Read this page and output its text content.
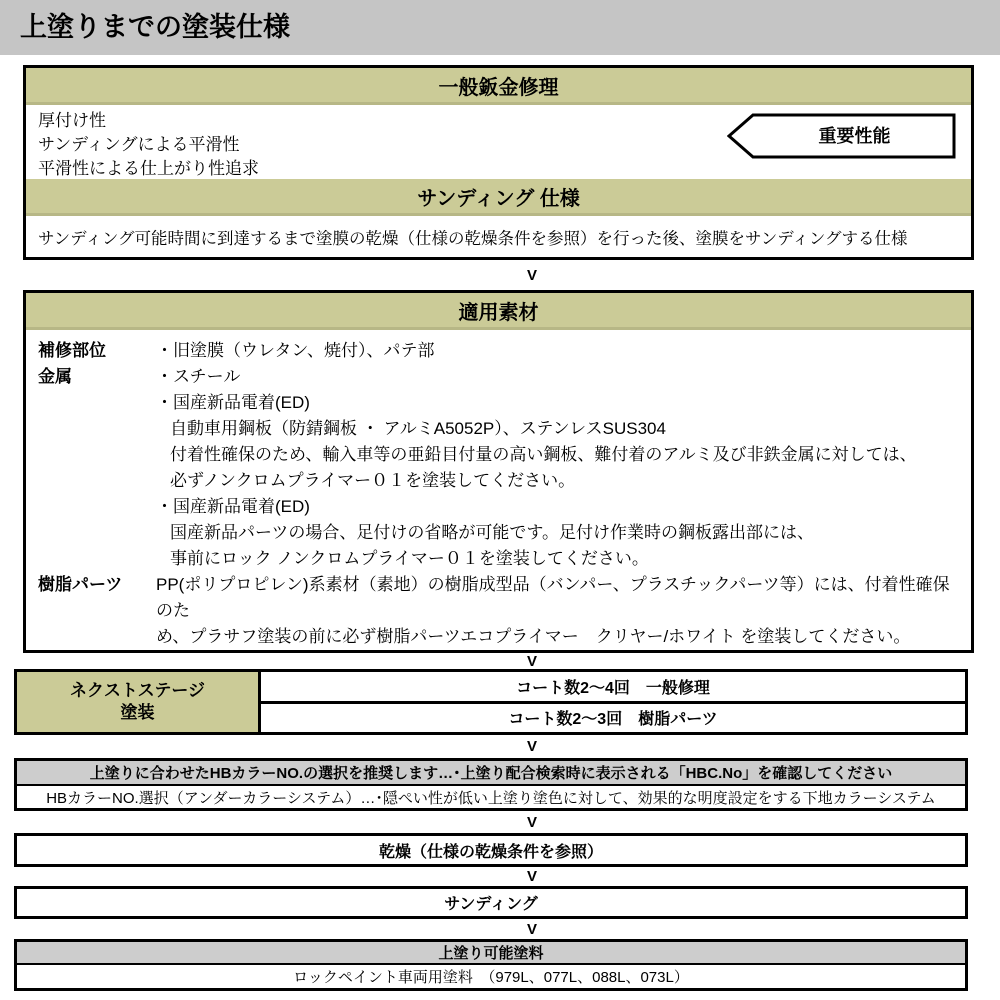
上塗りまでの塗装仕様
一般鈑金修理
厚付け性
サンディングによる平滑性
平滑性による仕上がり性追求
重要性能
サンディング 仕様
サンディング可能時間に到達するまで塗膜の乾燥（仕様の乾燥条件を参照）を行った後、塗膜をサンディングする仕様
V
適用素材
補修部位	・旧塗膜（ウレタン、焼付）、パテ部
金属	・スチール
・国産新品電着(ED)
自動車用鋼板（防錆鋼板 ・ アルミA5052P）、ステンレスSUS304
付着性確保のため、輸入車等の亜鉛目付量の高い鋼板、難付着のアルミ及び非鉄金属に対しては、
必ずノンクロムプライマー０１を塗装してください。
・国産新品電着(ED)
国産新品パーツの場合、足付けの省略が可能です。足付け作業時の鋼板露出部には、
事前にロック ノンクロムプライマー０１を塗装してください。
樹脂パーツ	PP(ポリプロピレン)系素材（素地）の樹脂成型品（バンパー、プラスチックパーツ等）には、付着性確保のた
め、プラサフ塗装の前に必ず樹脂パーツエコプライマー　クリヤー/ホワイト を塗装してください。
V
ネクストステージ
塗装
コート数2～4回　一般修理
コート数2～3回　樹脂パーツ
V
上塗りに合わせたHBカラーNO.の選択を推奨します…･上塗り配合検索時に表示される「HBC.No」を確認してください
HBカラーNO.選択（アンダーカラーシステム）…･隠ぺい性が低い上塗り塗色に対して、効果的な明度設定をする下地カラーシステム
V
乾燥（仕様の乾燥条件を参照）
V
サンディング
V
上塗り可能塗料
ロックペイント車両用塗料　（979L、077L、088L、073L）
